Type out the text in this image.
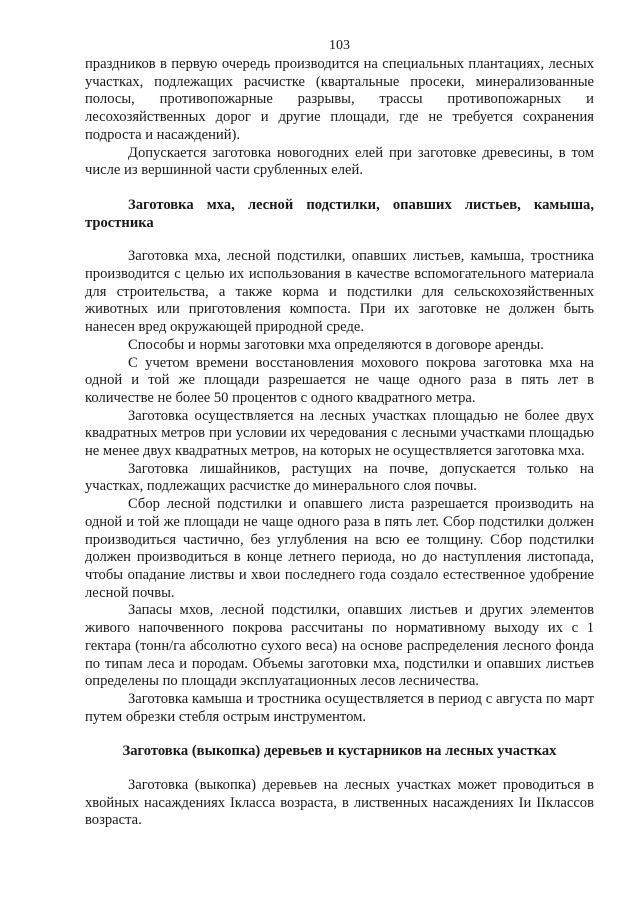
103

праздников в первую очередь производится на специальных плантациях, лесных участках, подлежащих расчистке (квартальные просеки, минерализованные полосы, противопожарные разрывы, трассы противопожарных и лесохозяйственных дорог и другие площади, где не требуется сохранения подроста и насаждений).

Допускается заготовка новогодних елей при заготовке древесины, в том числе из вершинной части срубленных елей.

Заготовка мха, лесной подстилки, опавших листьев, камыша, тростника

Заготовка мха, лесной подстилки, опавших листьев, камыша, тростника производится с целью их использования в качестве вспомогательного материала для строительства, а также корма и подстилки для сельскохозяйственных животных или приготовления компоста. При их заготовке не должен быть нанесен вред окружающей природной среде.

Способы и нормы заготовки мха определяются в договоре аренды.

С учетом времени восстановления мохового покрова заготовка мха на одной и той же площади разрешается не чаще одного раза в пять лет в количестве не более 50 процентов с одного квадратного метра.

Заготовка осуществляется на лесных участках площадью не более двух квадратных метров при условии их чередования с лесными участками площадью не менее двух квадратных метров, на которых не осуществляется заготовка мха.

Заготовка лишайников, растущих на почве, допускается только на участках, подлежащих расчистке до минерального слоя почвы.

Сбор лесной подстилки и опавшего листа разрешается производить на одной и той же площади не чаще одного раза в пять лет. Сбор подстилки должен производиться частично, без углубления на всю ее толщину. Сбор подстилки должен производиться в конце летнего периода, но до наступления листопада, чтобы опадание листвы и хвои последнего года создало естественное удобрение лесной почвы.

Запасы мхов, лесной подстилки, опавших листьев и других элементов живого напочвенного покрова рассчитаны по нормативному выходу их с 1 гектара (тонн/га абсолютно сухого веса) на основе распределения лесного фонда по типам леса и породам. Объемы заготовки мха, подстилки и опавших листьев определены по площади эксплуатационных лесов лесничества.

Заготовка камыша и тростника осуществляется в период с августа по март путем обрезки стебля острым инструментом.

Заготовка (выкопка) деревьев и кустарников на лесных участках

Заготовка (выкопка) деревьев на лесных участках может проводиться в хвойных насаждениях Iкласса возраста, в лиственных насаждениях Iи IIклассов возраста.
